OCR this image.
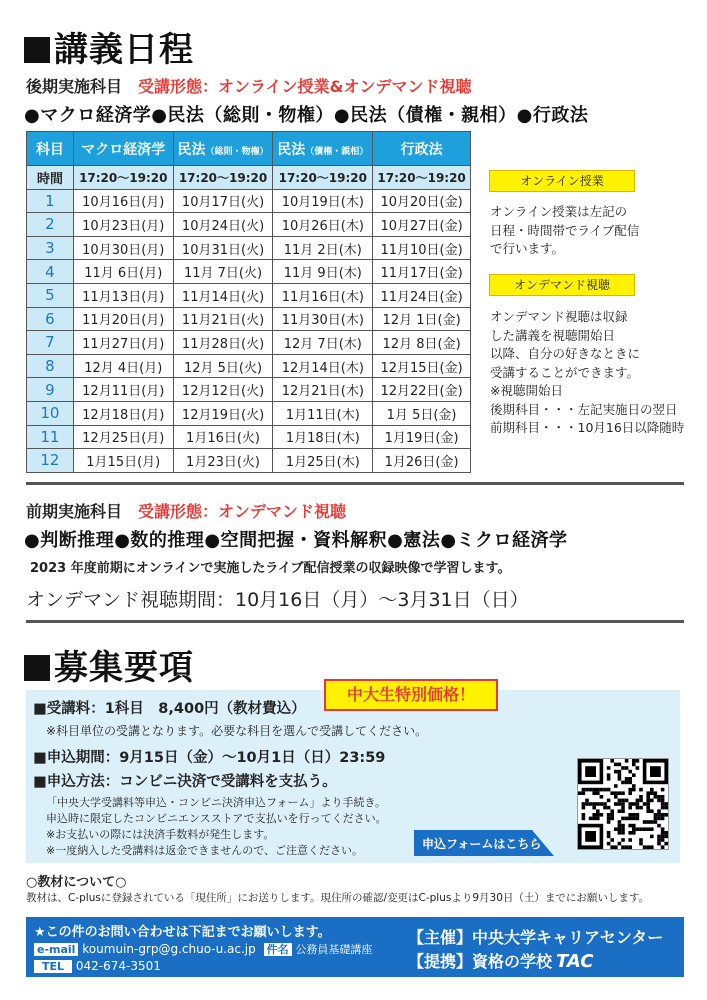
講義日程
後期実施科目　 受講形態：オンライン授業&オンデマンド視聴
●マクロ経済学●民法（総則・物権）●民法（債権・親相）●行政法
科目	マクロ経済学	民法（総則・物権）	民法（債権・親相）	行政法
時間	17:20～19:20	17:20～19:20	17:20～19:20	17:20～19:20
1	10月16日(月)	10月17日(火)	10月19日(木)	10月20日(金)
2	10月23日(月)	10月24日(火)	10月26日(木)	10月27日(金)
3	10月30日(月)	10月31日(火)	11月 2日(木)	11月10日(金)
4	11月 6日(月)	11月 7日(火)	11月 9日(木)	11月17日(金)
5	11月13日(月)	11月14日(火)	11月16日(木)	11月24日(金)
6	11月20日(月)	11月21日(火)	11月30日(木)	12月 1日(金)
7	11月27日(月)	11月28日(火)	12月 7日(木)	12月 8日(金)
8	12月 4日(月)	12月 5日(火)	12月14日(木)	12月15日(金)
9	12月11日(月)	12月12日(火)	12月21日(木)	12月22日(金)
10	12月18日(月)	12月19日(火)	1月11日(木)	1月 5日(金)
11	12月25日(月)	1月16日(火)	1月18日(木)	1月19日(金)
12	1月15日(月)	1月23日(火)	1月25日(木)	1月26日(金)
オンライン授業
オンライン授業は左記の
日程・時間帯でライブ配信
で行います。
オンデマンド視聴
オンデマンド視聴は収録
した講義を視聴開始日
以降、自分の好きなときに
受講することができます。
※視聴開始日
後期科目・・・左記実施日の翌日
前期科目・・・10月16日以降随時
前期実施科目　 受講形態：オンデマンド視聴
●判断推理●数的推理●空間把握・資料解釈●憲法●ミクロ経済学
2023 年度前期にオンラインで実施したライブ配信授業の収録映像で学習します。
オンデマンド視聴期間：10月16日（月）～3月31日（日）
募集要項
中大生特別価格！
■受講料：1科目　8,400円（教材費込）
※科目単位の受講となります。必要な科目を選んで受講してください。
■申込期間：9月15日（金）～10月1日（日）23:59
■申込方法：コンビニ決済で受講料を支払う。
「中央大学受講料等申込・コンビニ決済申込フォーム」より手続き。
申込時に限定したコンビニエンスストアで支払いを行ってください。
※お支払いの際には決済手数料が発生します。
※一度納入した受講料は返金できませんので、ご注意ください。	申込フォームはこちら
○教材について○
教材は、C-plusに登録されている「現住所」にお送りします。現住所の確認/変更はC-plusより9月30日（土）までにお願いします。
★この件のお問い合わせは下記までお願いします。
e-mail koumuin-grp@g.chuo-u.ac.jp 件名 公務員基礎講座
TEL 042-674-3501
【主催】中央大学キャリアセンター
【提携】資格の学校 TAC
